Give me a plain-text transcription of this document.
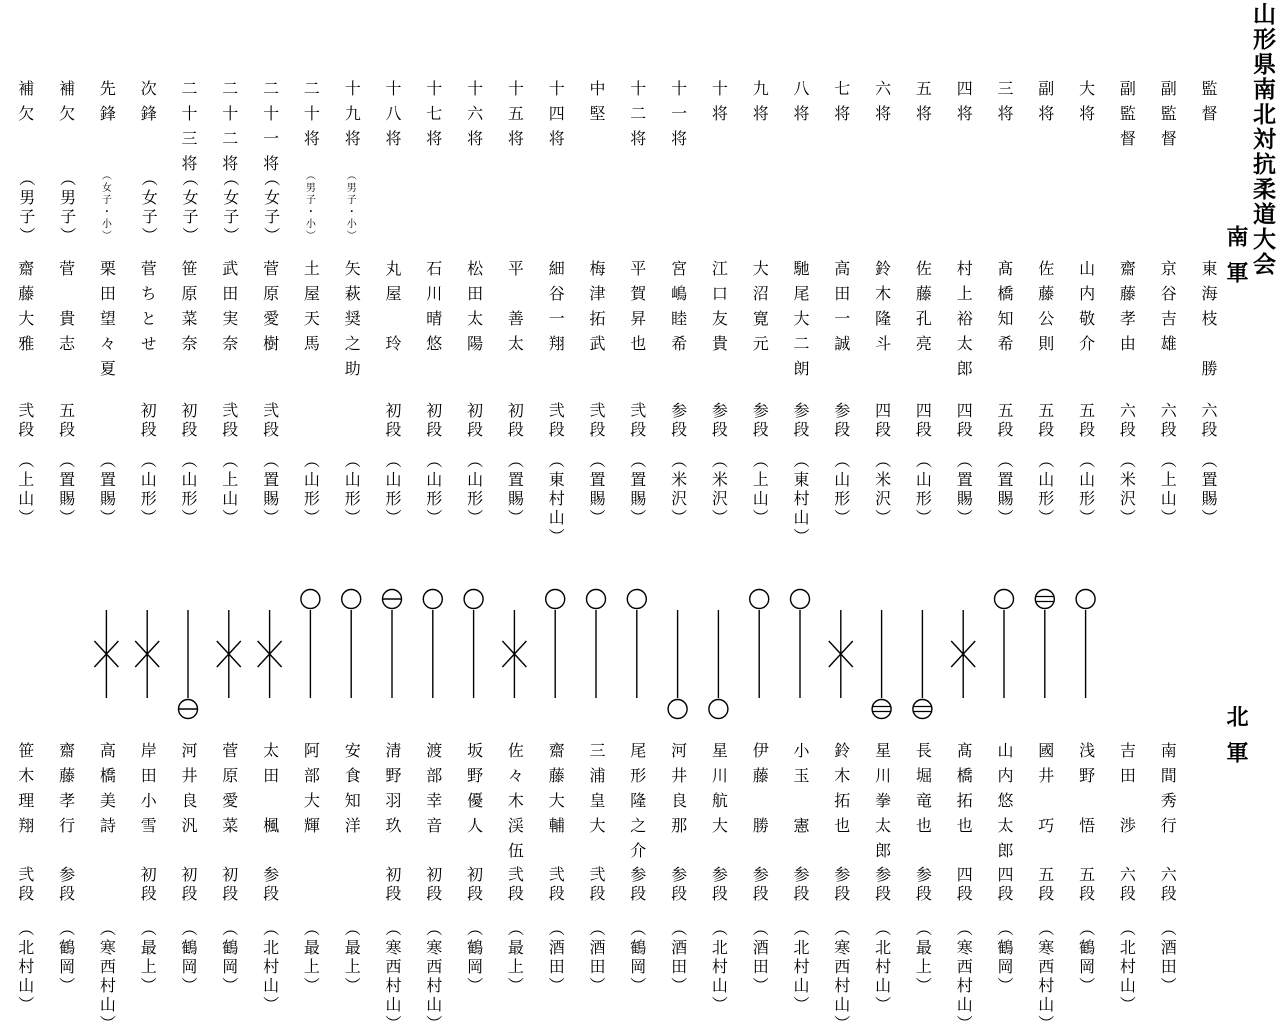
山形県南北対抗柔道大会
南軍
北軍
監督
東海枝　勝
六段
（置賜）
副監督
京谷吉雄
六段
（上山）
南間秀行
六段
（酒田）
副監督
齋藤孝由
六段
（米沢）
吉田　渉
六段
（北村山）
大将
山内敬介
五段
（山形）
浅野　悟
五段
（鶴岡）
副将
佐藤公則
五段
（山形）
國井　巧
五段
（寒西村山）
三将
髙橋知希
五段
（置賜）
山内悠太郎
四段
（鶴岡）
四将
村上裕太郎
四段
（置賜）
髙橋拓也
四段
（寒西村山）
五将
佐藤孔亮
四段
（山形）
長堀竜也
参段
（最上）
六将
鈴木隆斗
四段
（米沢）
星川拳太郎
参段
（北村山）
七将
高田一誠
参段
（山形）
鈴木拓也
参段
（寒西村山）
八将
馳尾大二朗
参段
（東村山）
小玉　憲
参段
（北村山）
九将
大沼寛元
参段
（上山）
伊藤　勝
参段
（酒田）
十将
江口友貴
参段
（米沢）
星川航大
参段
（北村山）
十一将
宮嶋睦希
参段
（米沢）
河井良那
参段
（酒田）
十二将
平賀昇也
弐段
（置賜）
尾形隆之介
参段
（鶴岡）
中堅
梅津拓武
弐段
（置賜）
三浦皇大
弐段
（酒田）
十四将
細谷一翔
弐段
（東村山）
齋藤大輔
弐段
（酒田）
十五将
平　善太
初段
（置賜）
佐々木渓伍
弐段
（最上）
十六将
松田太陽
初段
（山形）
坂野優人
初段
（鶴岡）
十七将
石川晴悠
初段
（山形）
渡部幸音
初段
（寒西村山）
十八将
丸屋　玲
初段
（山形）
清野羽玖
初段
（寒西村山）
十九将
（男子・小）
矢萩奨之助
（山形）
安食知洋
（最上）
二十将
（男子・小）
土屋天馬
（山形）
阿部大輝
（最上）
二十一将
（女子）
菅原愛樹
弐段
（置賜）
太田　楓
参段
（北村山）
二十二将
（女子）
武田実奈
弐段
（上山）
菅原愛菜
初段
（鶴岡）
二十三将
（女子）
笹原菜奈
初段
（山形）
河井良汎
初段
（鶴岡）
次鋒
（女子）
菅ちとせ
初段
（山形）
岸田小雪
初段
（最上）
先鋒
（女子・小）
栗田望々夏
（置賜）
高橋美詩
（寒西村山）
補欠
（男子）
菅　貴志
五段
（置賜）
齋藤孝行
参段
（鶴岡）
補欠
（男子）
齋藤大雅
弐段
（上山）
笹木理翔
弐段
（北村山）
